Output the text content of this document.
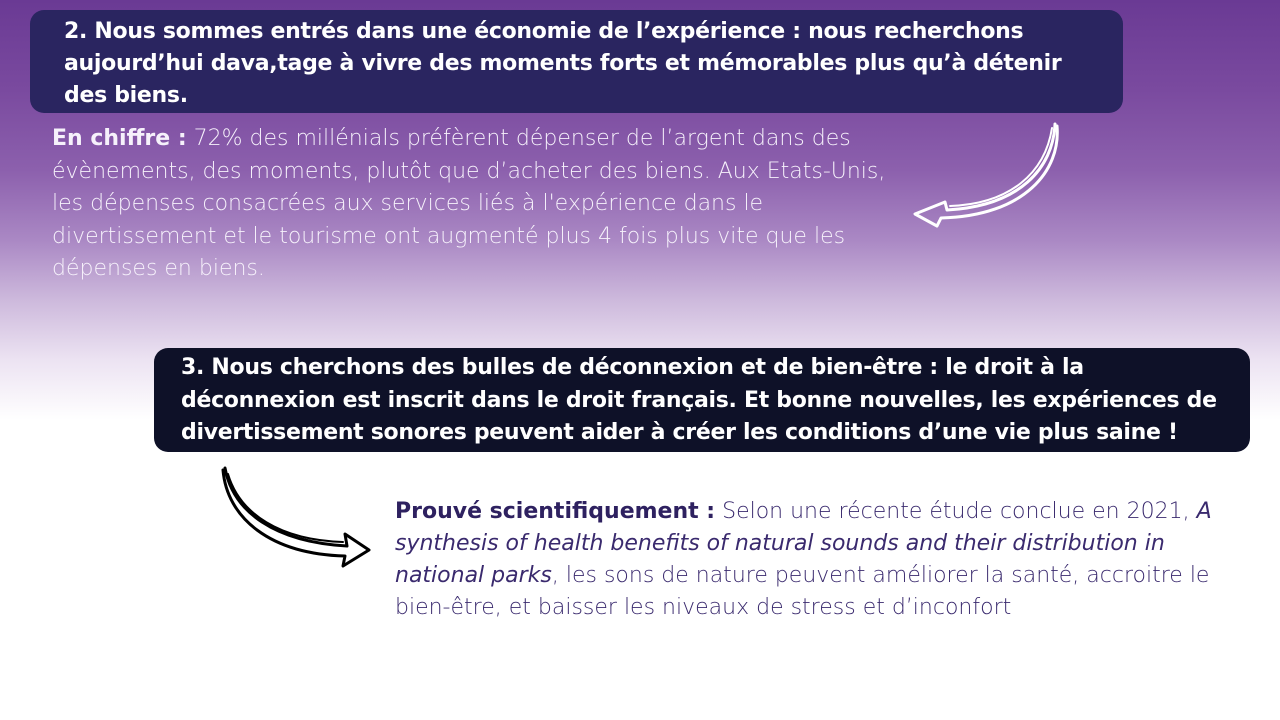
2. Nous sommes entrés dans une économie de l’expérience : nous recherchons aujourd’hui dava,tage à vivre des moments forts et mémorables plus qu’à détenir des biens.
En chiffre : 72% des millénials préfèrent dépenser de l’argent dans des évènements, des moments, plutôt que d’acheter des biens. Aux Etats-Unis, les dépenses consacrées aux services liés à l'expérience dans le divertissement et le tourisme ont augmenté plus 4 fois plus vite que les dépenses en biens.
3. Nous cherchons des bulles de déconnexion et de bien-être : le droit à la déconnexion est inscrit dans le droit français. Et bonne nouvelles, les expériences de divertissement sonores peuvent aider à créer les conditions d’une vie plus saine !
Prouvé scientifiquement : Selon une récente étude conclue en 2021, A synthesis of health benefits of natural sounds and their distribution in national parks, les sons de nature peuvent améliorer la santé, accroitre le bien-être, et baisser les niveaux de stress et d’inconfort
